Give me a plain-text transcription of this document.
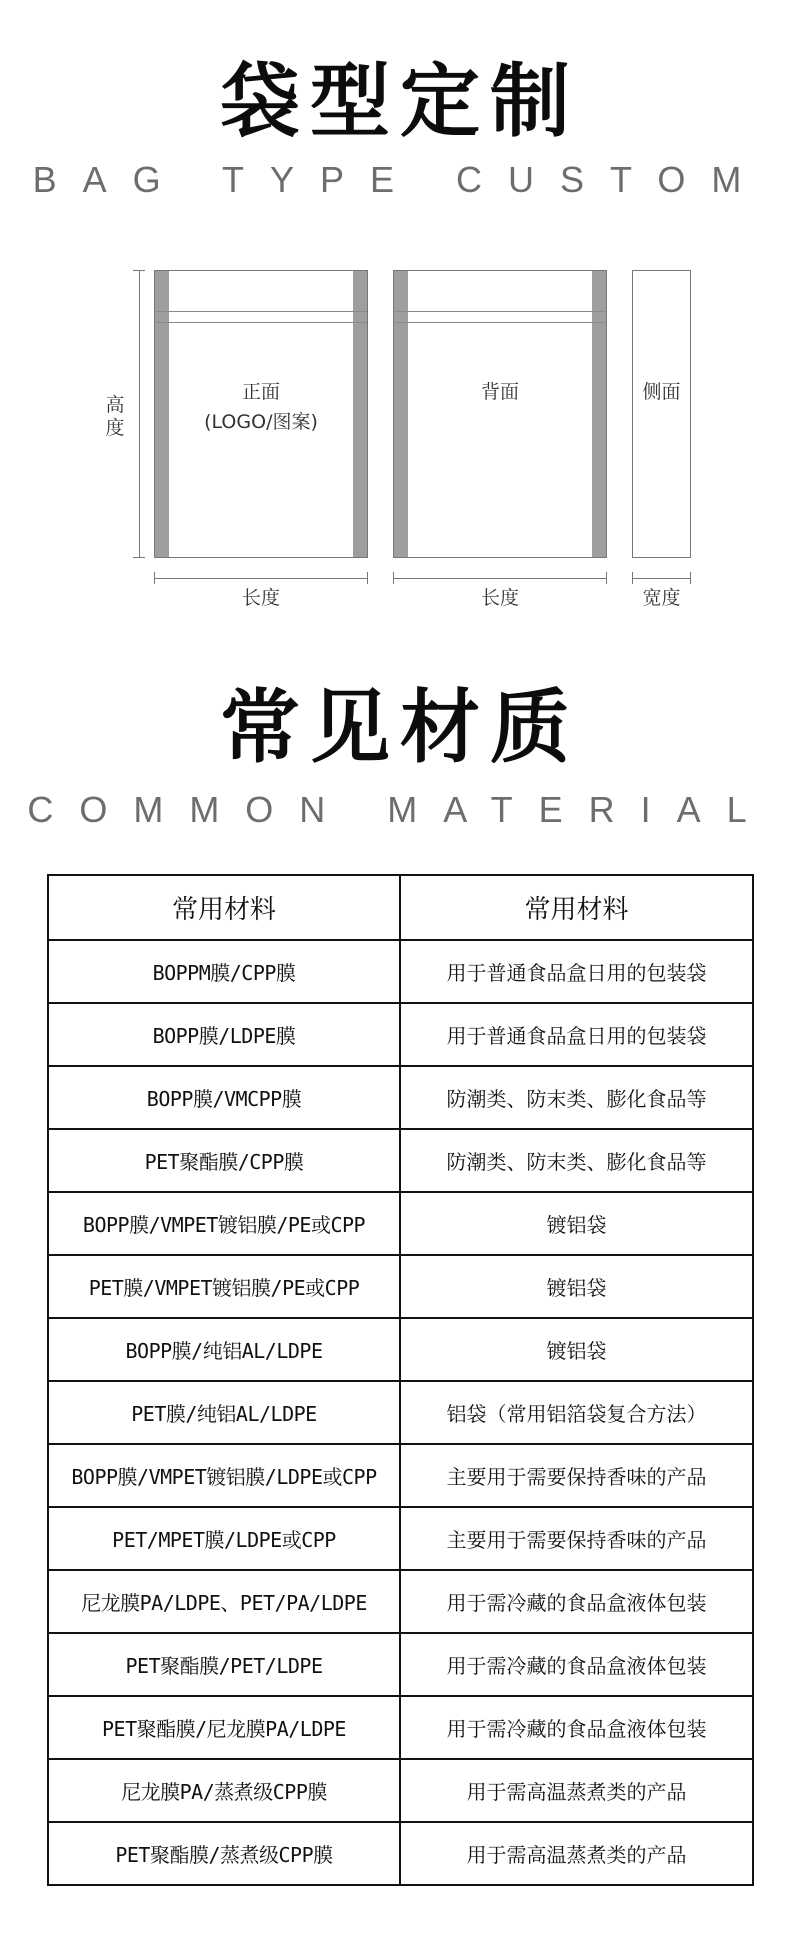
袋型定制
BAG TYPE CUSTOM
高度
正面
(LOGO/图案)
长度
背面
长度
侧面
宽度
常见材质
COMMON MATERIAL
常用材料	常用材料
BOPPM膜/CPP膜	用于普通食品盒日用的包装袋
BOPP膜/LDPE膜	用于普通食品盒日用的包装袋
BOPP膜/VMCPP膜	防潮类、防末类、膨化食品等
PET聚酯膜/CPP膜	防潮类、防末类、膨化食品等
BOPP膜/VMPET镀铝膜/PE或CPP	镀铝袋
PET膜/VMPET镀铝膜/PE或CPP	镀铝袋
BOPP膜/纯铝AL/LDPE	镀铝袋
PET膜/纯铝AL/LDPE	铝袋（常用铝箔袋复合方法）
BOPP膜/VMPET镀铝膜/LDPE或CPP	主要用于需要保持香味的产品
PET/MPET膜/LDPE或CPP	主要用于需要保持香味的产品
尼龙膜PA/LDPE、PET/PA/LDPE	用于需冷藏的食品盒液体包装
PET聚酯膜/PET/LDPE	用于需冷藏的食品盒液体包装
PET聚酯膜/尼龙膜PA/LDPE	用于需冷藏的食品盒液体包装
尼龙膜PA/蒸煮级CPP膜	用于需高温蒸煮类的产品
PET聚酯膜/蒸煮级CPP膜	用于需高温蒸煮类的产品
